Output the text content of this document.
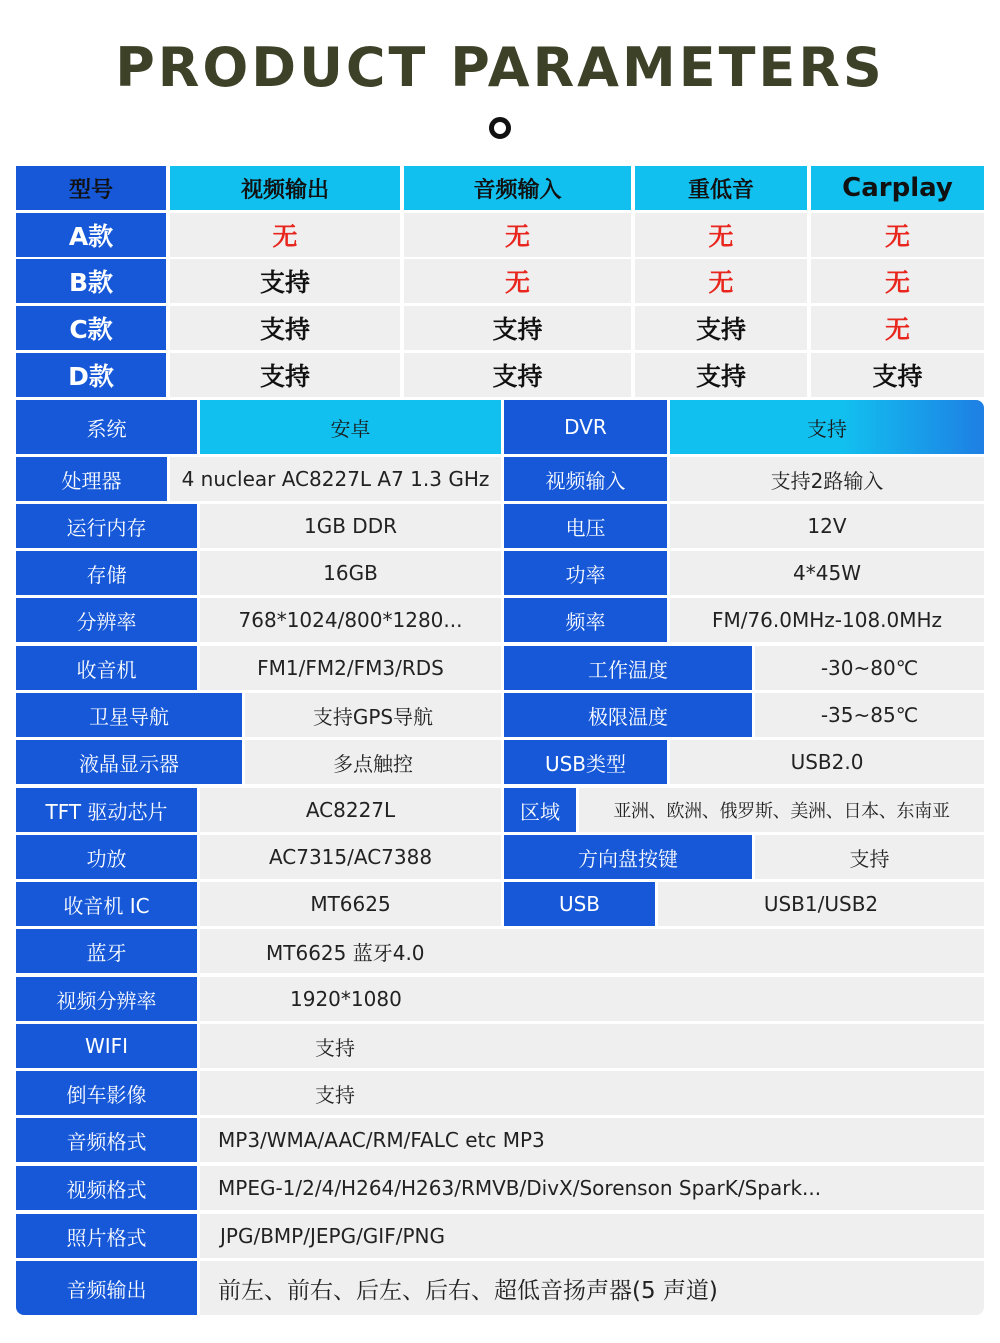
PRODUCT PARAMETERS
型号	视频输出	音频输入	重低音	Carplay
A款	无	无	无	无
B款	支持	无	无	无
C款	支持	支持	支持	无
D款	支持	支持	支持	支持
系统	安卓	DVR	支持
处理器	4 nuclear AC8227L A7 1.3 GHz	视频输入	支持2路输入
运行内存	1GB DDR	电压	12V
存储	16GB	功率	4*45W
分辨率	768*1024/800*1280...	频率	FM/76.0MHz-108.0MHz
收音机	FM1/FM2/FM3/RDS	工作温度	-30~80℃
卫星导航	支持GPS导航	极限温度	-35~85℃
液晶显示器	多点触控	USB类型	USB2.0
TFT 驱动芯片	AC8227L	区域	亚洲、欧洲、俄罗斯、美洲、日本、东南亚
功放	AC7315/AC7388	方向盘按键	支持
收音机 IC	MT6625	USB	USB1/USB2
蓝牙	MT6625 蓝牙4.0
视频分辨率	1920*1080
WIFI	支持
倒车影像	支持
音频格式	MP3/WMA/AAC/RM/FALC etc MP3
视频格式	MPEG-1/2/4/H264/H263/RMVB/DivX/Sorenson SparK/Spark...
照片格式	JPG/BMP/JEPG/GIF/PNG
音频输出	前左、前右、后左、后右、超低音扬声器(5 声道)
